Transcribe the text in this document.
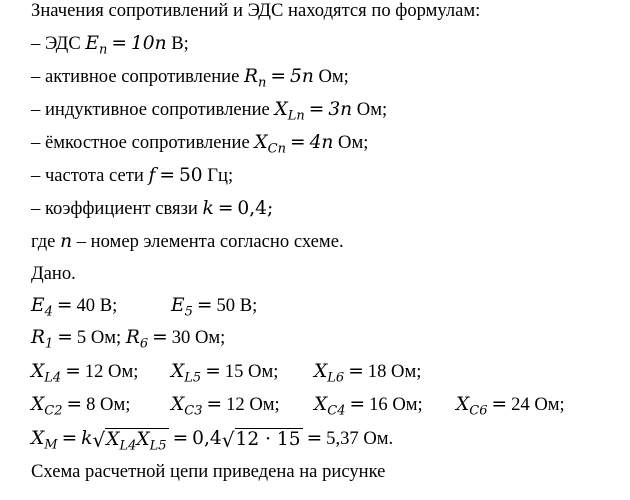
Значения сопротивлений и ЭДС находятся по формулам:
– ЭДС $E_n = 10n$ В;
– активное сопротивление $R_n = 5n$ Ом;
– индуктивное сопротивление $X_{Ln} = 3n$ Ом;
– ёмкостное сопротивление $X_{Cn} = 4n$ Ом;
– частота сети f = 50 Гц;
– коэффициент связи k = 0,4;
где n – номер элемента согласно схеме.
Дано.
$E_4 = 40$ В;	$E_5 = 50$ В;
$R_1 = 5$ Ом; $R_6 = 30$ Ом;
$X_{L4} = 12$ Ом; $X_{L5} = 15$ Ом; $X_{L6} = 18$ Ом;
$X_{C2} = 8$ Ом; $X_{C3} = 12$ Ом; $X_{C4} = 16$ Ом; $X_{C6} = 24$ Ом;
$X_M = k$ √ $X_{L4}X_{L5} = 0,4$ √ 12 · 15 = 5,37 Ом.
Схема расчетной цепи приведена на рисунке
